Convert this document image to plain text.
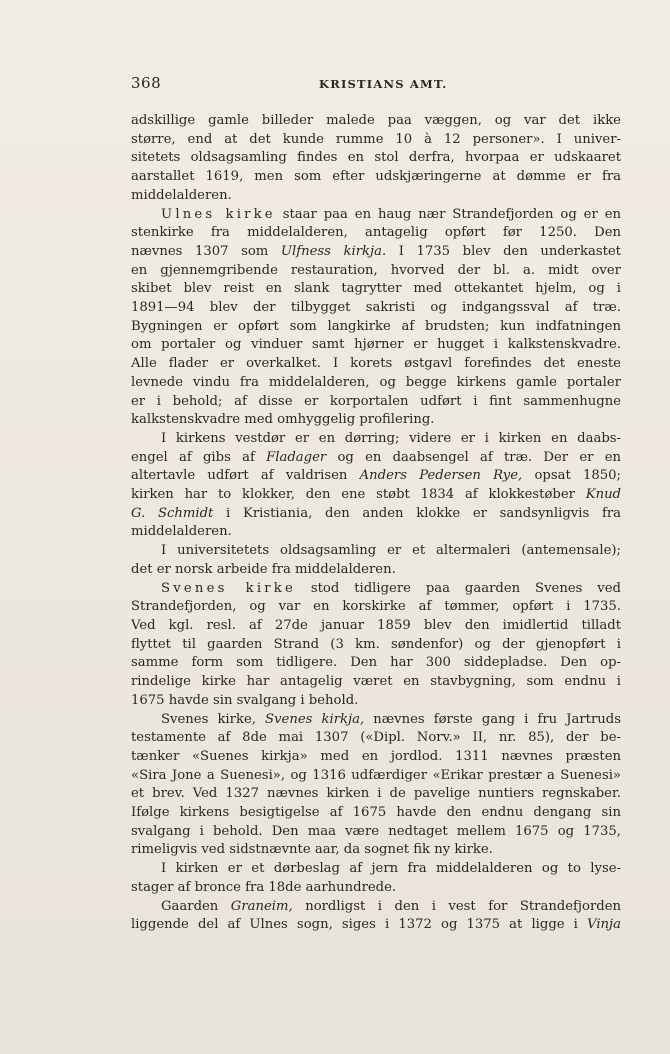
368	KRISTIANS AMT.
adskillige gamle billeder malede paa væggen, og var det ikke
større, end at det kunde rumme 10 à 12 personer». I univer-
sitetets oldsagsamling findes en stol derfra, hvorpaa er udskaaret
aarstallet 1619, men som efter udskjæringerne at dømme er fra
middelalderen.
Ulnes kirke staar paa en haug nær Strandefjorden og er en
stenkirke fra middelalderen, antagelig opført før 1250. Den
nævnes 1307 som Ulfness kirkja. I 1735 blev den underkastet
en gjennemgribende restauration, hvorved der bl. a. midt over
skibet blev reist en slank tagrytter med ottekantet hjelm, og i
1891—94 blev der tilbygget sakristi og indgangssval af træ.
Bygningen er opført som langkirke af brudsten; kun indfatningen
om portaler og vinduer samt hjørner er hugget i kalkstenskvadre.
Alle flader er overkalket. I korets østgavl forefindes det eneste
levnede vindu fra middelalderen, og begge kirkens gamle portaler
er i behold; af disse er korportalen udført i fint sammenhugne
kalkstenskvadre med omhyggelig profilering.
I kirkens vestdør er en dørring; videre er i kirken en daabs-
engel af gibs af Fladager og en daabsengel af træ. Der er en
altertavle udført af valdrisen Anders Pedersen Rye, opsat 1850;
kirken har to klokker, den ene støbt 1834 af klokkestøber Knud
G. Schmidt i Kristiania, den anden klokke er sandsynligvis fra
middelalderen.
I universitetets oldsagsamling er et altermaleri (antemensale);
det er norsk arbeide fra middelalderen.
Svenes kirke stod tidligere paa gaarden Svenes ved
Strandefjorden, og var en korskirke af tømmer, opført i 1735.
Ved kgl. resl. af 27de januar 1859 blev den imidlertid tilladt
flyttet til gaarden Strand (3 km. søndenfor) og der gjenopført i
samme form som tidligere. Den har 300 siddepladse. Den op-
rindelige kirke har antagelig været en stavbygning, som endnu i
1675 havde sin svalgang i behold.
Svenes kirke, Svenes kirkja, nævnes første gang i fru Jartruds
testamente af 8de mai 1307 («Dipl. Norv.» II, nr. 85), der be-
tænker «Suenes kirkja» med en jordlod. 1311 nævnes præsten
«Sira Jone a Suenesi», og 1316 udfærdiger «Erikar prestær a Suenesi»
et brev. Ved 1327 nævnes kirken i de pavelige nuntiers regnskaber.
Ifølge kirkens besigtigelse af 1675 havde den endnu dengang sin
svalgang i behold. Den maa være nedtaget mellem 1675 og 1735,
rimeligvis ved sidstnævnte aar, da sognet fik ny kirke.
I kirken er et dørbeslag af jern fra middelalderen og to lyse-
stager af bronce fra 18de aarhundrede.
Gaarden Graneim, nordligst i den i vest for Strandefjorden
liggende del af Ulnes sogn, siges i 1372 og 1375 at ligge i Vinja
